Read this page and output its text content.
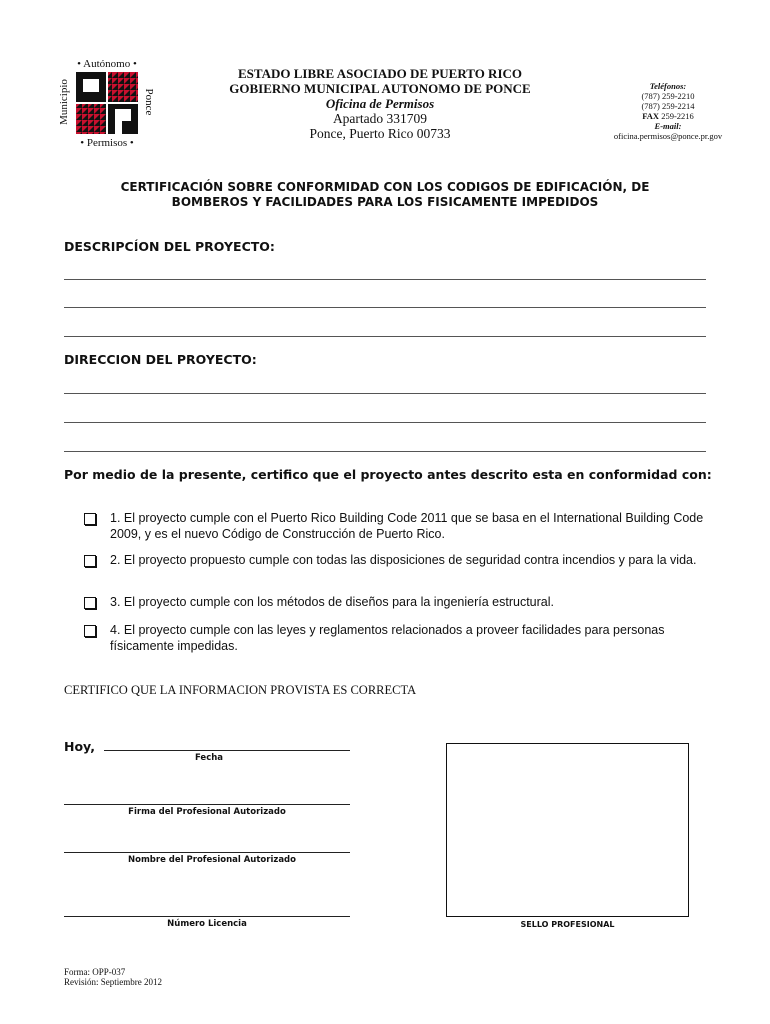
• Autónomo •
Municipio	Ponce
• Permisos •
ESTADO LIBRE ASOCIADO DE PUERTO RICO
GOBIERNO MUNICIPAL AUTONOMO DE PONCE
Oficina de Permisos
Apartado 331709
Ponce, Puerto Rico 00733
Teléfonos:
(787) 259-2210
(787) 259-2214
FAX 259-2216
E-mail:
oficina.permisos@ponce.pr.gov
CERTIFICACIÓN SOBRE CONFORMIDAD CON LOS CODIGOS DE EDIFICACIÓN, DE
BOMBEROS Y FACILIDADES PARA LOS FISICAMENTE IMPEDIDOS
DESCRIPCÍON DEL PROYECTO:
DIRECCION DEL PROYECTO:
Por medio de la presente, certifico que el proyecto antes descrito esta en conformidad con:
1. El proyecto cumple con el Puerto Rico Building Code 2011 que se basa en el International Building Code 2009, y es el nuevo Código de Construcción de Puerto Rico.
2. El proyecto propuesto cumple con todas las disposiciones de seguridad contra incendios y para la vida.
3. El proyecto cumple con los métodos de diseños para la ingeniería estructural.
4. El proyecto cumple con las leyes y reglamentos relacionados a proveer facilidades para personas físicamente impedidas.
CERTIFICO QUE LA INFORMACION PROVISTA ES CORRECTA
Hoy,
Fecha
Firma del Profesional Autorizado
Nombre del Profesional Autorizado
Número Licencia	SELLO PROFESIONAL
Forma: OPP-037
Revisión: Septiembre 2012
